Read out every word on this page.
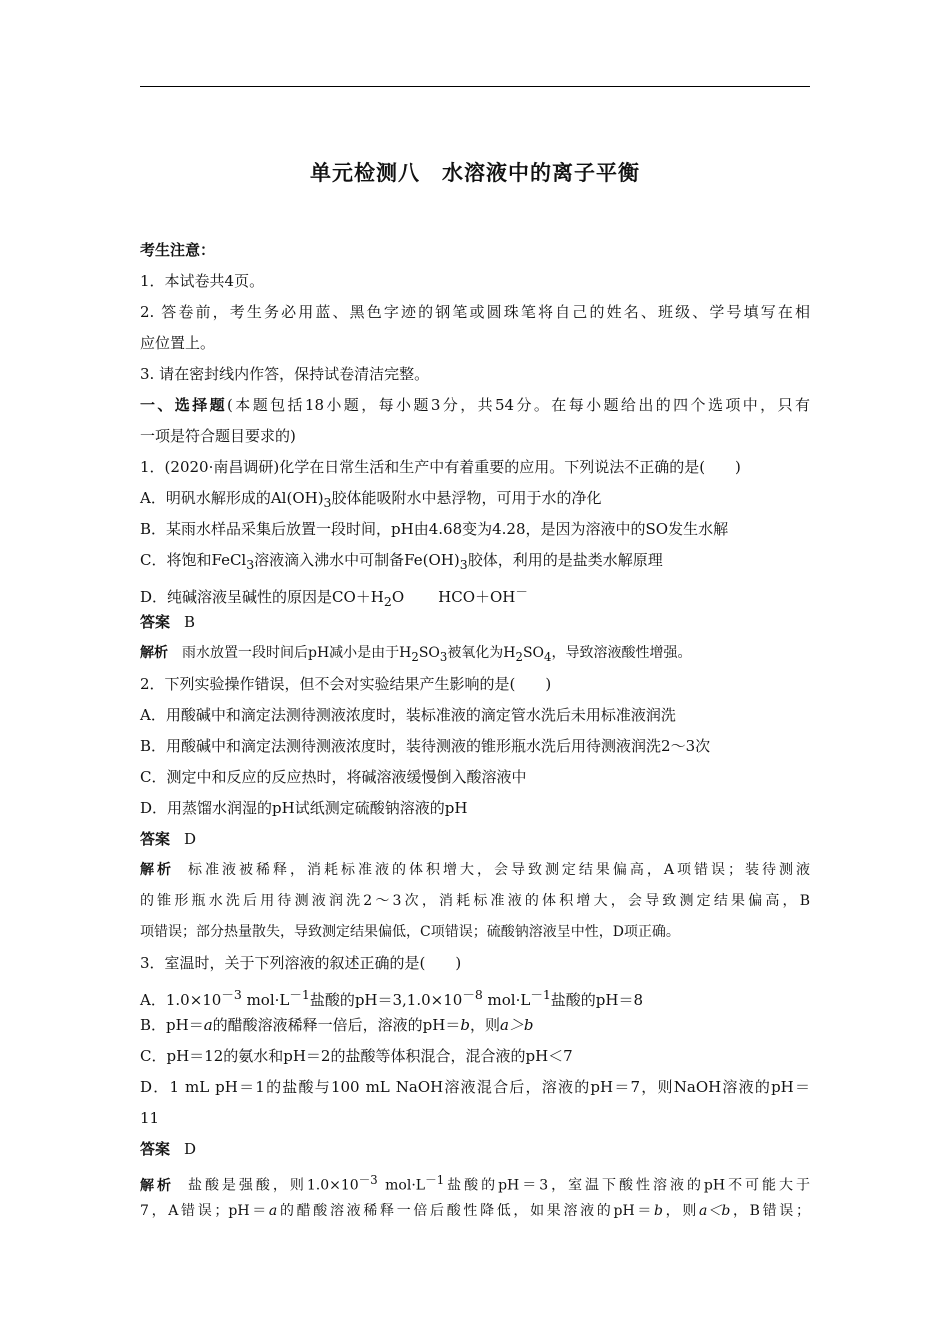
单元检测八　水溶液中的离子平衡
考生注意：
1．本试卷共4页。
2. 答卷前，考生务必用蓝、黑色字迹的钢笔或圆珠笔将自己的姓名、班级、学号填写在相
应位置上。
3. 请在密封线内作答，保持试卷清洁完整。
一、选择题(本题包括18小题，每小题3分，共54分。在每小题给出的四个选项中，只有
一项是符合题目要求的)
1．(2020·南昌调研)化学在日常生活和生产中有着重要的应用。下列说法不正确的是(　　)
A．明矾水解形成的$Al(OH)_3$胶体能吸附水中悬浮物，可用于水的净化
B．某雨水样品采集后放置一段时间，pH由4.68变为4.28，是因为溶液中的SO发生水解
C．将饱和FeCl$_3$溶液滴入沸水中可制备$Fe(OH)_3$胶体，利用的是盐类水解原理
D．纯碱溶液呈碱性的原因是$CO+H_2O$ HCO＋OH－
答案 B
解析 雨水放置一段时间后pH减小是由于$H_2SO_3$被氧化为$H_2SO_4$，导致溶液酸性增强。
2．下列实验操作错误，但不会对实验结果产生影响的是(　　)
A．用酸碱中和滴定法测待测液浓度时，装标准液的滴定管水洗后未用标准液润洗
B．用酸碱中和滴定法测待测液浓度时，装待测液的锥形瓶水洗后用待测液润洗2～3次
C．测定中和反应的反应热时，将碱溶液缓慢倒入酸溶液中
D．用蒸馏水润湿的pH试纸测定硫酸钠溶液的pH
答案 D
解析 标准液被稀释，消耗标准液的体积增大，会导致测定结果偏高，A项错误；装待测液
的锥形瓶水洗后用待测液润洗2～3次，消耗标准液的体积增大，会导致测定结果偏高，B
项错误；部分热量散失，导致测定结果偏低，C项错误；硫酸钠溶液呈中性，D项正确。
3．室温时，关于下列溶液的叙述正确的是(　　)
A．$1.0\times 10^{-3}$ $mol\cdot L^{-1}$盐酸的$pH=3,1.0\times 10^{-8}$ $mol\cdot L^{-1}$盐酸的pH＝8
B．pH＝a的醋酸溶液稀释一倍后，溶液的pH＝b，则a＞b
C．pH＝12的氨水和pH＝2的盐酸等体积混合，混合液的pH＜7
D．1 mL pH＝1的盐酸与100 mL NaOH溶液混合后，溶液的pH＝7，则NaOH溶液的pH＝
11
答案 D
解析 盐酸是强酸，则$1.0\times 10^{-3}$ $mol\cdot L^{-1}$盐酸的pH＝3，室温下酸性溶液的pH不可能大于
7，A错误；pH＝a的醋酸溶液稀释一倍后酸性降低，如果溶液的pH＝b，则a＜b，B错误；
